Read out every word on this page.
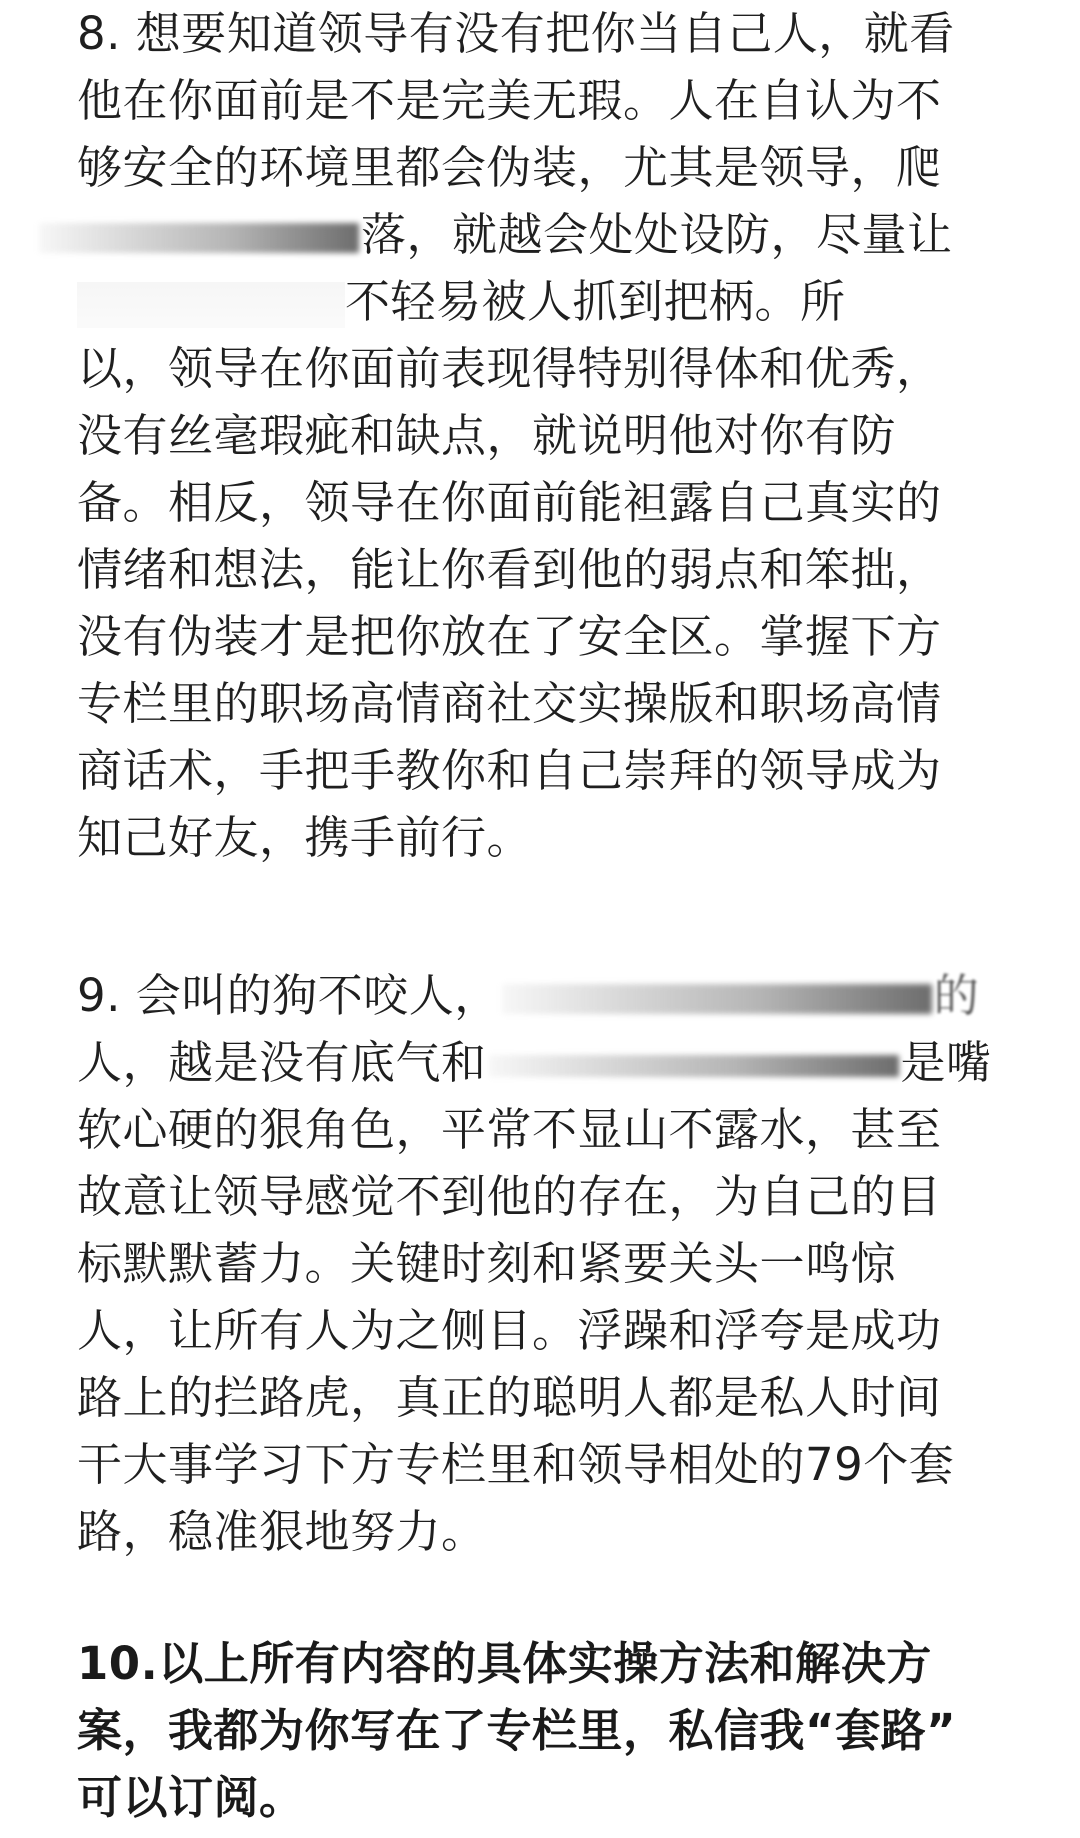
8. 想要知道领导有没有把你当自己人，就看
他在你面前是不是完美无瑕。人在自认为不
够安全的环境里都会伪装，尤其是领导，爬
落，就越会处处设防，尽量让
不轻易被人抓到把柄。所
以，领导在你面前表现得特别得体和优秀，
没有丝毫瑕疵和缺点，就说明他对你有防
备。相反，领导在你面前能袒露自己真实的
情绪和想法，能让你看到他的弱点和笨拙，
没有伪装才是把你放在了安全区。掌握下方
专栏里的职场高情商社交实操版和职场高情
商话术，手把手教你和自己崇拜的领导成为
知己好友，携手前行。
9. 会叫的狗不咬人，	的
人，越是没有底气和	是嘴
软心硬的狠角色，平常不显山不露水，甚至
故意让领导感觉不到他的存在，为自己的目
标默默蓄力。关键时刻和紧要关头一鸣惊
人，让所有人为之侧目。浮躁和浮夸是成功
路上的拦路虎，真正的聪明人都是私人时间
干大事学习下方专栏里和领导相处的79个套
路，稳准狠地努力。
10.以上所有内容的具体实操方法和解决方
案，我都为你写在了专栏里，私信我“套路”
可以订阅。
